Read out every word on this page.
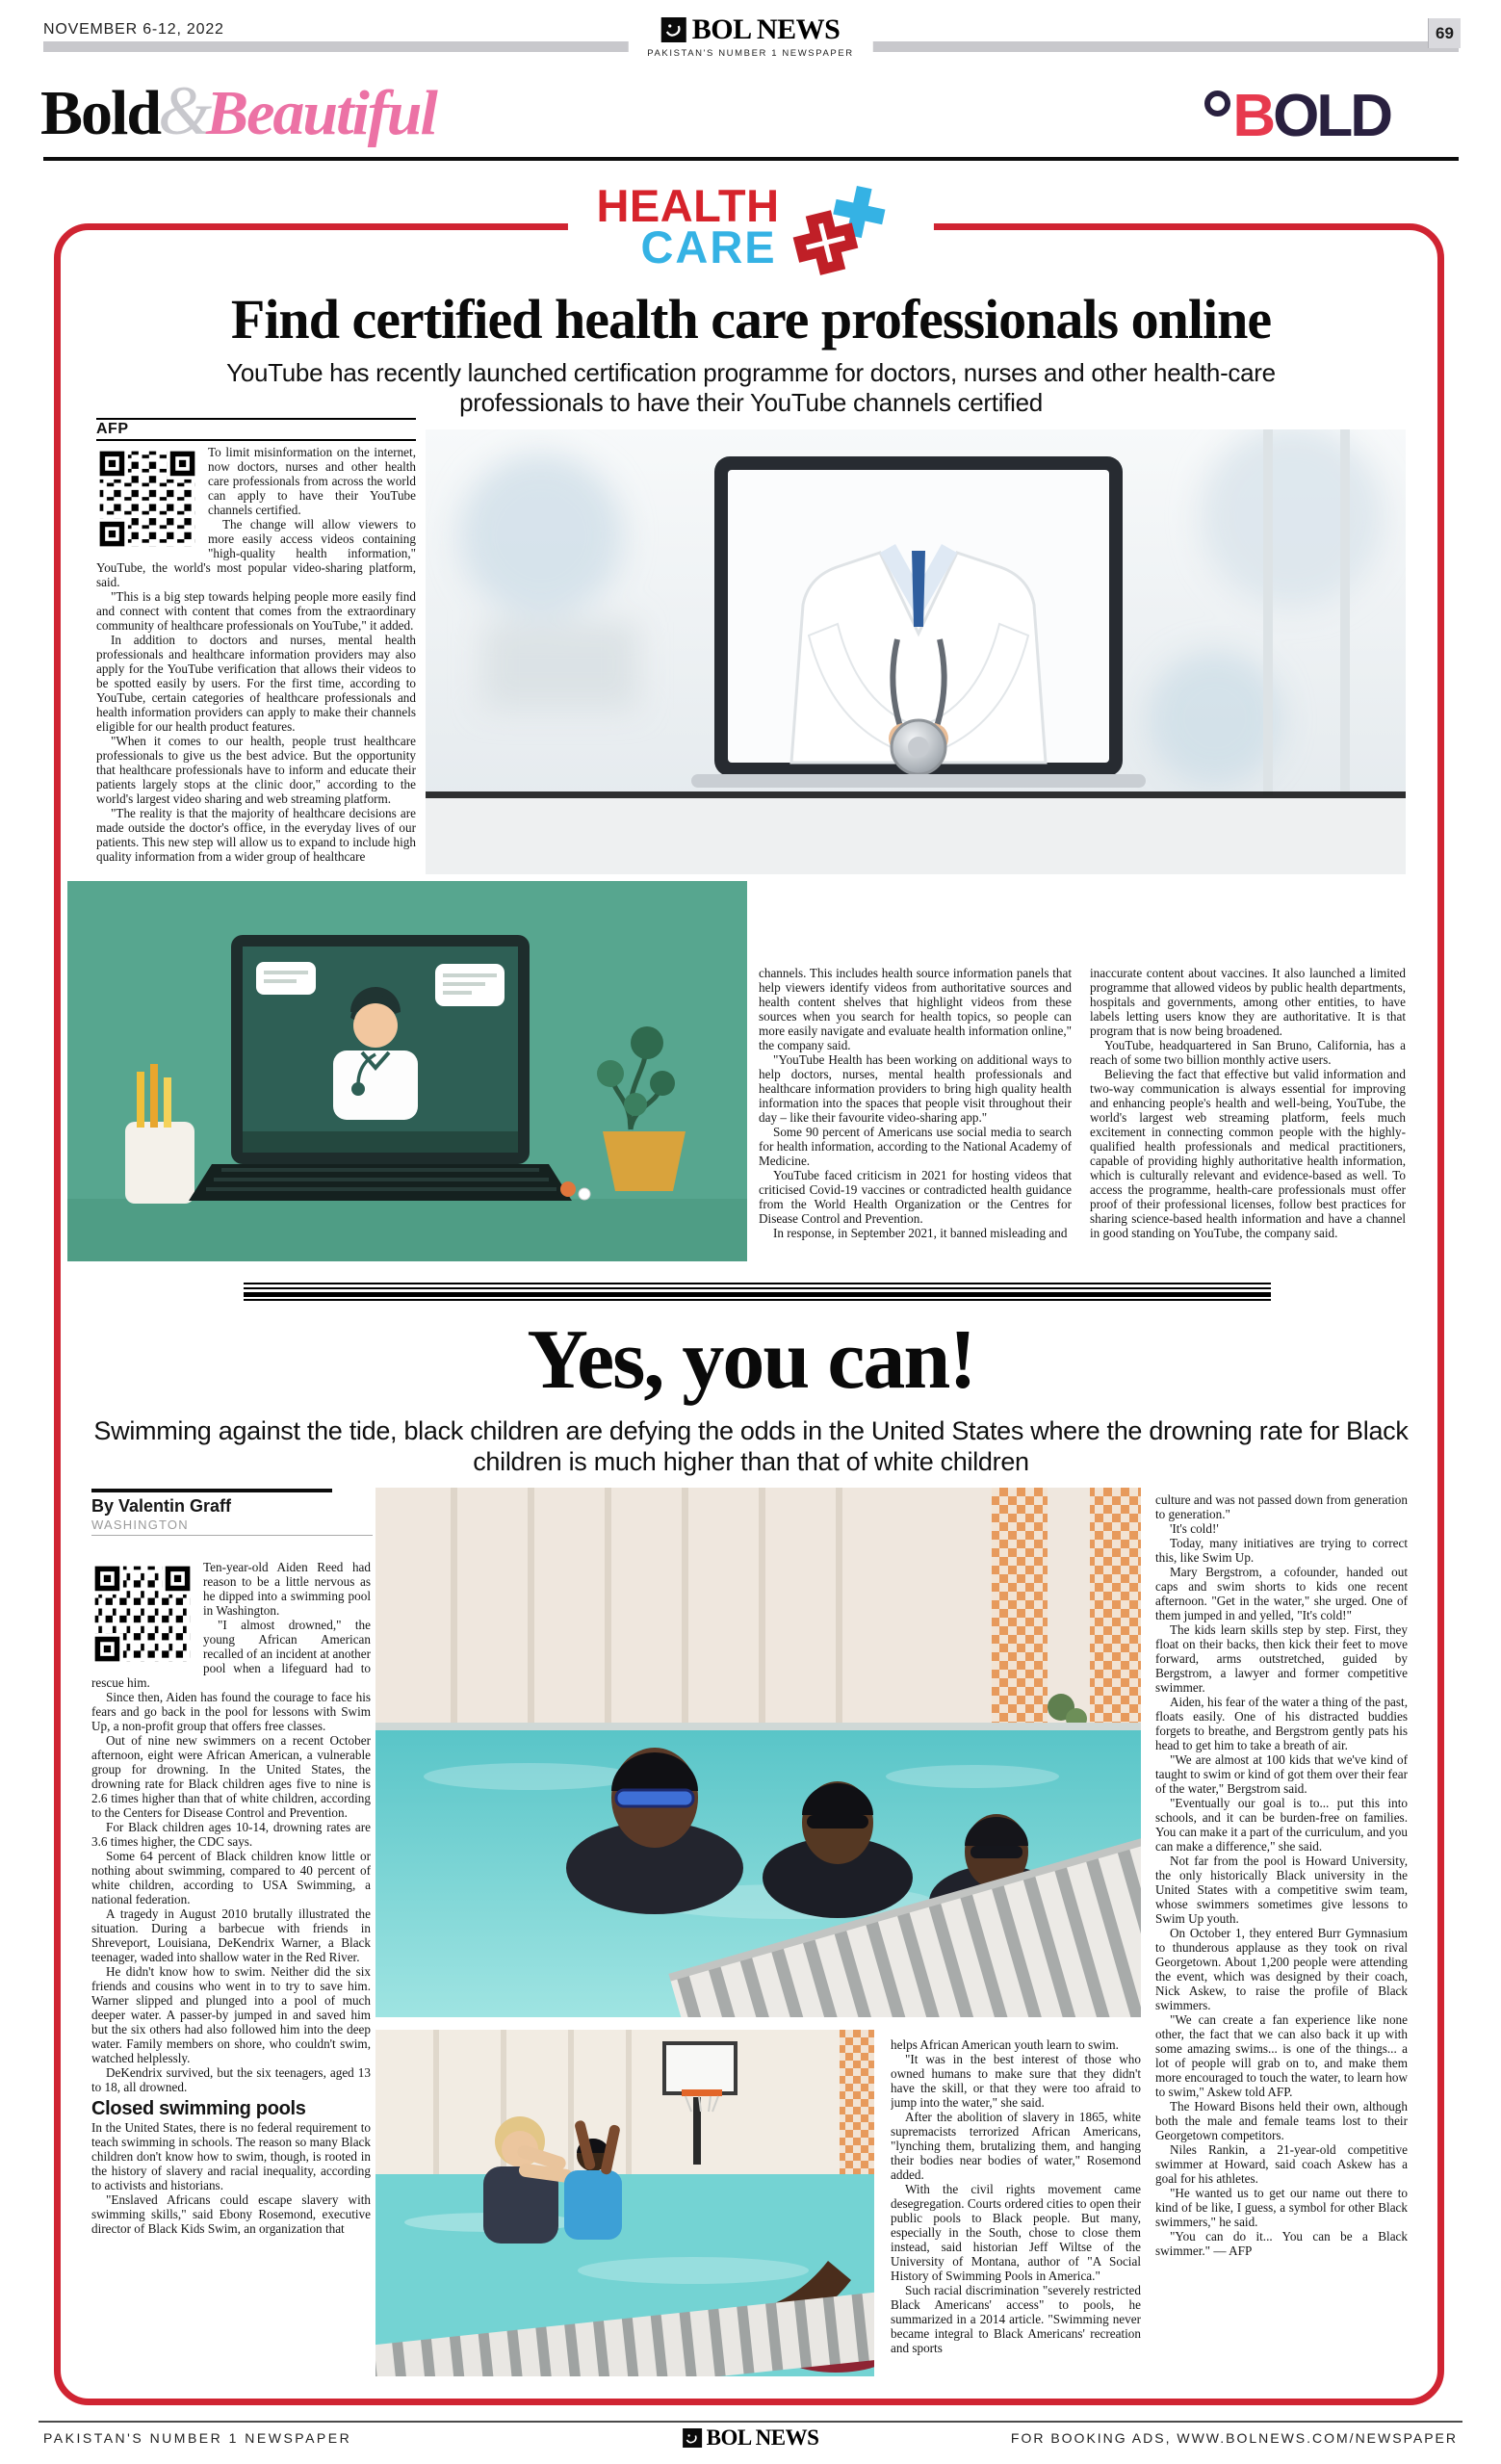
NOVEMBER 6-12, 2022	69
BOL NEWS
PAKISTAN'S NUMBER 1 NEWSPAPER
Bold&Beautiful	B OLD
HEALTH
CARE
Find certified health care professionals online
YouTube has recently launched certification programme for doctors, nurses and other health-care professionals to have their YouTube channels certified
AFP

To limit misinformation on the internet, now doctors, nurses and other health care professionals from across the world can apply to have their YouTube channels certified.

The change will allow viewers to more easily access videos containing "high-quality health information," YouTube, the world's most popular video-sharing platform, said.

"This is a big step towards helping people more easily find and connect with content that comes from the extraordinary community of healthcare professionals on YouTube," it added.

In addition to doctors and nurses, mental health professionals and healthcare information providers may also apply for the YouTube verification that allows their videos to be spotted easily by users. For the first time, according to YouTube, certain categories of healthcare professionals and health information providers can apply to make their channels eligible for our health product features.

"When it comes to our health, people trust healthcare professionals to give us the best advice. But the opportunity that healthcare professionals have to inform and educate their patients largely stops at the clinic door," according to the world's largest video sharing and web streaming platform.

"The reality is that the majority of healthcare decisions are made outside the doctor's office, in the everyday lives of our patients. This new step will allow us to expand to include high quality information from a wider group of healthcare

channels. This includes health source information panels that help viewers identify videos from authoritative sources and health content shelves that highlight videos from these sources when you search for health topics, so people can more easily navigate and evaluate health information online," the company said.

"YouTube Health has been working on additional ways to help doctors, nurses, mental health professionals and healthcare information providers to bring high quality health information into the spaces that people visit throughout their day – like their favourite video-sharing app."

Some 90 percent of Americans use social media to search for health information, according to the National Academy of Medicine.

YouTube faced criticism in 2021 for hosting videos that criticised Covid-19 vaccines or contradicted health guidance from the World Health Organization or the Centres for Disease Control and Prevention.

In response, in September 2021, it banned misleading and

inaccurate content about vaccines. It also launched a limited programme that allowed videos by public health departments, hospitals and governments, among other entities, to have labels letting users know they are authoritative. It is that program that is now being broadened.

YouTube, headquartered in San Bruno, California, has a reach of some two billion monthly active users.

Believing the fact that effective but valid information and two-way communication is always essential for improving and enhancing people's health and well-being, YouTube, the world's largest web streaming platform, feels much excitement in connecting common people with the highly-qualified health professionals and medical practitioners, capable of providing highly authoritative health information, which is culturally relevant and evidence-based as well. To access the programme, health-care professionals must offer proof of their professional licenses, follow best practices for sharing science-based health information and have a channel in good standing on YouTube, the company said.

Yes, you can!
Swimming against the tide, black children are defying the odds in the United States where the drowning rate for Black children is much higher than that of white children
By Valentin Graff
WASHINGTON

Ten-year-old Aiden Reed had reason to be a little nervous as he dipped into a swimming pool in Washington.

"I almost drowned," the young African American recalled of an incident at another pool when a lifeguard had to rescue him.

Since then, Aiden has found the courage to face his fears and go back in the pool for lessons with Swim Up, a non-profit group that offers free classes.

Out of nine new swimmers on a recent October afternoon, eight were African American, a vulnerable group for drowning. In the United States, the drowning rate for Black children ages five to nine is 2.6 times higher than that of white children, according to the Centers for Disease Control and Prevention.

For Black children ages 10-14, drowning rates are 3.6 times higher, the CDC says.

Some 64 percent of Black children know little or nothing about swimming, compared to 40 percent of white children, according to USA Swimming, a national federation.

A tragedy in August 2010 brutally illustrated the situation. During a barbecue with friends in Shreveport, Louisiana, DeKendrix Warner, a Black teenager, waded into shallow water in the Red River.

He didn't know how to swim. Neither did the six friends and cousins who went in to try to save him. Warner slipped and plunged into a pool of much deeper water. A passer-by jumped in and saved him but the six others had also followed him into the deep water. Family members on shore, who couldn't swim, watched helplessly.

DeKendrix survived, but the six teenagers, aged 13 to 18, all drowned.

Closed swimming pools

In the United States, there is no federal requirement to teach swimming in schools. The reason so many Black children don't know how to swim, though, is rooted in the history of slavery and racial inequality, according to activists and historians.

"Enslaved Africans could escape slavery with swimming skills," said Ebony Rosemond, executive director of Black Kids Swim, an organization that

helps African American youth learn to swim.

"It was in the best interest of those who owned humans to make sure that they didn't have the skill, or that they were too afraid to jump into the water," she said.

After the abolition of slavery in 1865, white supremacists terrorized African Americans, "lynching them, brutalizing them, and hanging their bodies near bodies of water," Rosemond added.

With the civil rights movement came desegregation. Courts ordered cities to open their public pools to Black people. But many, especially in the South, chose to close them instead, said historian Jeff Wiltse of the University of Montana, author of "A Social History of Swimming Pools in America."

Such racial discrimination "severely restricted Black Americans' access" to pools, he summarized in a 2014 article. "Swimming never became integral to Black Americans' recreation and sports

culture and was not passed down from generation to generation."

'It's cold!'

Today, many initiatives are trying to correct this, like Swim Up.

Mary Bergstrom, a cofounder, handed out caps and swim shorts to kids one recent afternoon. "Get in the water," she urged. One of them jumped in and yelled, "It's cold!"

The kids learn skills step by step. First, they float on their backs, then kick their feet to move forward, arms outstretched, guided by Bergstrom, a lawyer and former competitive swimmer.

Aiden, his fear of the water a thing of the past, floats easily. One of his distracted buddies forgets to breathe, and Bergstrom gently pats his head to get him to take a breath of air.

"We are almost at 100 kids that we've kind of taught to swim or kind of got them over their fear of the water," Bergstrom said.

"Eventually our goal is to... put this into schools, and it can be burden-free on families. You can make it a part of the curriculum, and you can make a difference," she said.

Not far from the pool is Howard University, the only historically Black university in the United States with a competitive swim team, whose swimmers sometimes give lessons to Swim Up youth.

On October 1, they entered Burr Gymnasium to thunderous applause as they took on rival Georgetown. About 1,200 people were attending the event, which was designed by their coach, Nick Askew, to raise the profile of Black swimmers.

"We can create a fan experience like none other, the fact that we can also back it up with some amazing swims... is one of the things... a lot of people will grab on to, and make them more encouraged to touch the water, to learn how to swim," Askew told AFP.

The Howard Bisons held their own, although both the male and female teams lost to their Georgetown competitors.

Niles Rankin, a 21-year-old competitive swimmer at Howard, said coach Askew has a goal for his athletes.

"He wanted us to get our name out there to kind of be like, I guess, a symbol for other Black swimmers," he said.

"You can do it... You can be a Black swimmer." — AFP

PAKISTAN'S NUMBER 1 NEWSPAPER	BOL NEWS	FOR BOOKING ADS, WWW.BOLNEWS.COM/NEWSPAPER
